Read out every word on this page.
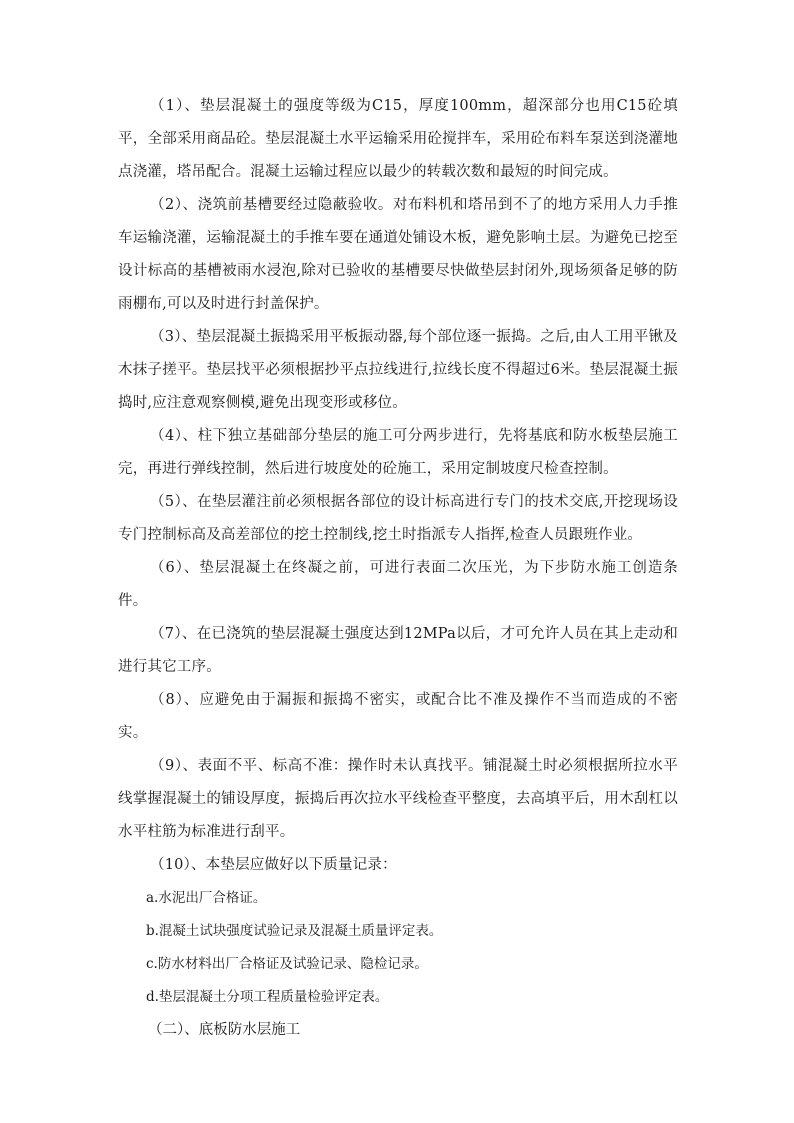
（1）、垫层混凝土的强度等级为C15，厚度100mm，超深部分也用C15砼填平，全部采用商品砼。垫层混凝土水平运输采用砼搅拌车，采用砼布料车泵送到浇灌地点浇灌，塔吊配合。混凝土运输过程应以最少的转载次数和最短的时间完成。

（2）、浇筑前基槽要经过隐蔽验收。对布料机和塔吊到不了的地方采用人力手推车运输浇灌，运输混凝土的手推车要在通道处铺设木板，避免影响土层。为避免已挖至设计标高的基槽被雨水浸泡,除对已验收的基槽要尽快做垫层封闭外,现场须备足够的防雨棚布,可以及时进行封盖保护。

（3）、垫层混凝土振捣采用平板振动器,每个部位逐一振捣。之后,由人工用平锹及木抹子搓平。垫层找平必须根据抄平点拉线进行,拉线长度不得超过6米。垫层混凝土振捣时,应注意观察侧模,避免出现变形或移位。

（4）、柱下独立基础部分垫层的施工可分两步进行，先将基底和防水板垫层施工完，再进行弹线控制，然后进行坡度处的砼施工，采用定制坡度尺检查控制。

（5）、在垫层灌注前必须根据各部位的设计标高进行专门的技术交底,开挖现场设专门控制标高及高差部位的挖土控制线,挖土时指派专人指挥,检查人员跟班作业。

（6）、垫层混凝土在终凝之前，可进行表面二次压光，为下步防水施工创造条件。

（7）、在已浇筑的垫层混凝土强度达到12MPa以后，才可允许人员在其上走动和进行其它工序。

（8）、应避免由于漏振和振捣不密实，或配合比不准及操作不当而造成的不密实。

（9）、表面不平、标高不准：操作时未认真找平。铺混凝土时必须根据所拉水平线掌握混凝土的铺设厚度，振捣后再次拉水平线检查平整度，去高填平后，用木刮杠以水平柱筋为标准进行刮平。

（10）、本垫层应做好以下质量记录：

a.水泥出厂合格证。

b.混凝土试块强度试验记录及混凝土质量评定表。

c.防水材料出厂合格证及试验记录、隐检记录。

d.垫层混凝土分项工程质量检验评定表。

（二）、底板防水层施工
